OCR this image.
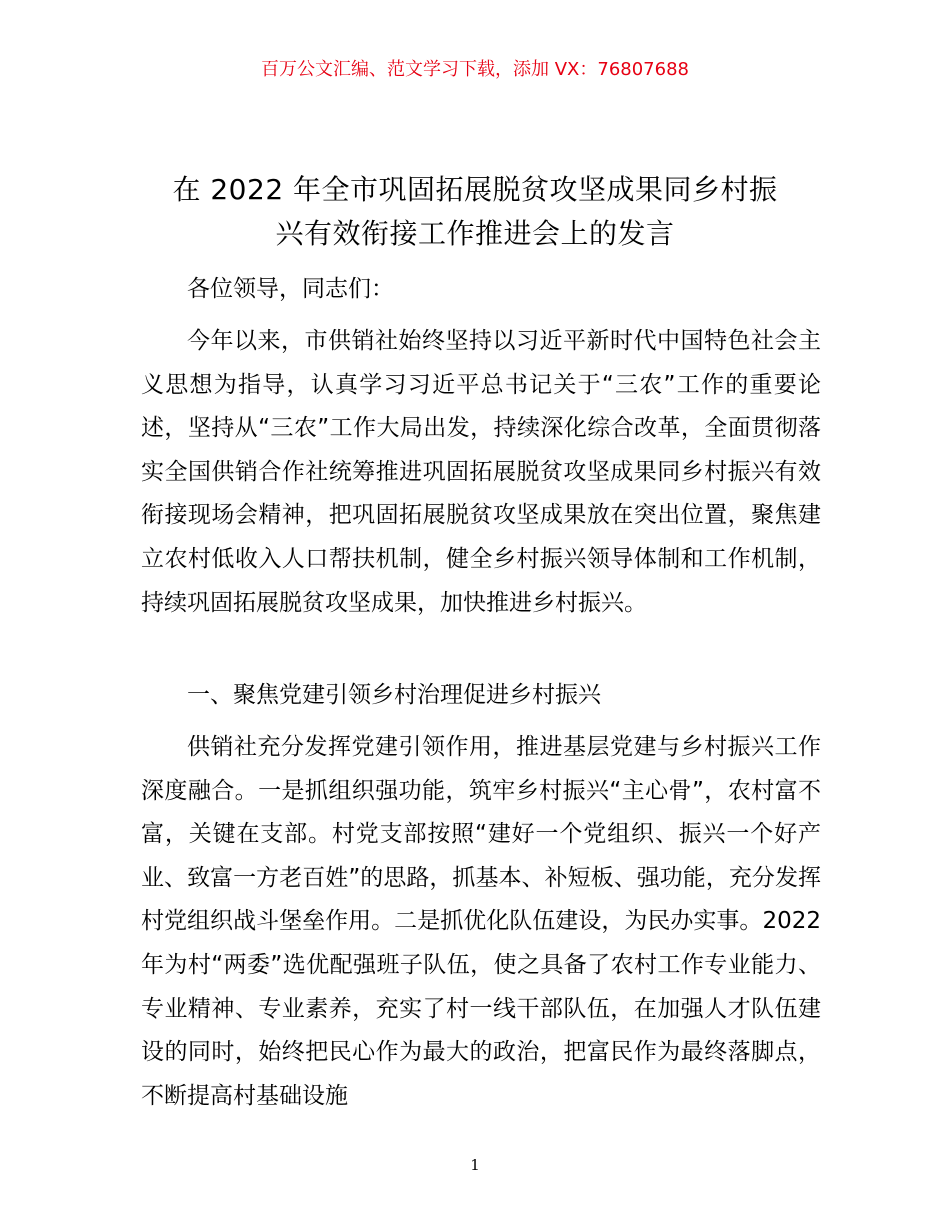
百万公文汇编、范文学习下载，添加 VX：76807688
在 2022 年全市巩固拓展脱贫攻坚成果同乡村振
兴有效衔接工作推进会上的发言

各位领导，同志们：

今年以来，市供销社始终坚持以习近平新时代中国特色社会主义思想为指导，认真学习习近平总书记关于“三农”工作的重要论述，坚持从“三农”工作大局出发，持续深化综合改革，全面贯彻落实全国供销合作社统筹推进巩固拓展脱贫攻坚成果同乡村振兴有效衔接现场会精神，把巩固拓展脱贫攻坚成果放在突出位置，聚焦建立农村低收入人口帮扶机制，健全乡村振兴领导体制和工作机制，持续巩固拓展脱贫攻坚成果，加快推进乡村振兴。

一、聚焦党建引领乡村治理促进乡村振兴

供销社充分发挥党建引领作用，推进基层党建与乡村振兴工作深度融合。一是抓组织强功能，筑牢乡村振兴“主心骨”，农村富不富，关键在支部。村党支部按照“建好一个党组织、振兴一个好产业、致富一方老百姓”的思路，抓基本、补短板、强功能，充分发挥村党组织战斗堡垒作用。二是抓优化队伍建设，为民办实事。2022 年为村“两委”选优配强班子队伍，使之具备了农村工作专业能力、专业精神、专业素养，充实了村一线干部队伍，在加强人才队伍建设的同时，始终把民心作为最大的政治，把富民作为最终落脚点，不断提高村基础设施

1
